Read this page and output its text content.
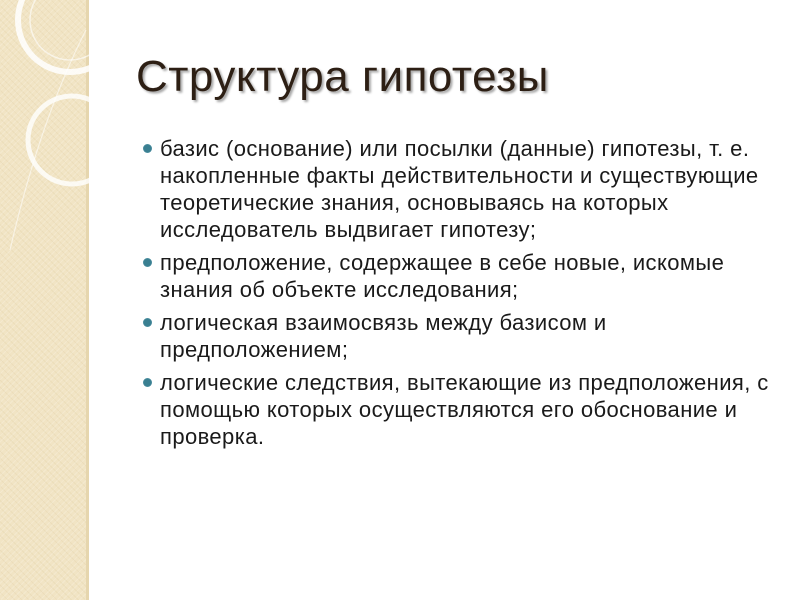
Структура гипотезы
базис (основание) или посылки (данные) гипотезы, т. е. накопленные факты действительности и существующие теоретические знания, основываясь на которых исследователь выдвигает гипотезу;
предположение, содержащее в себе новые, искомые знания об объекте исследования;
логическая взаимосвязь между базисом и предположением;
логические следствия, вытекающие из предположения, с помощью которых осуществляются его обоснование и проверка.
